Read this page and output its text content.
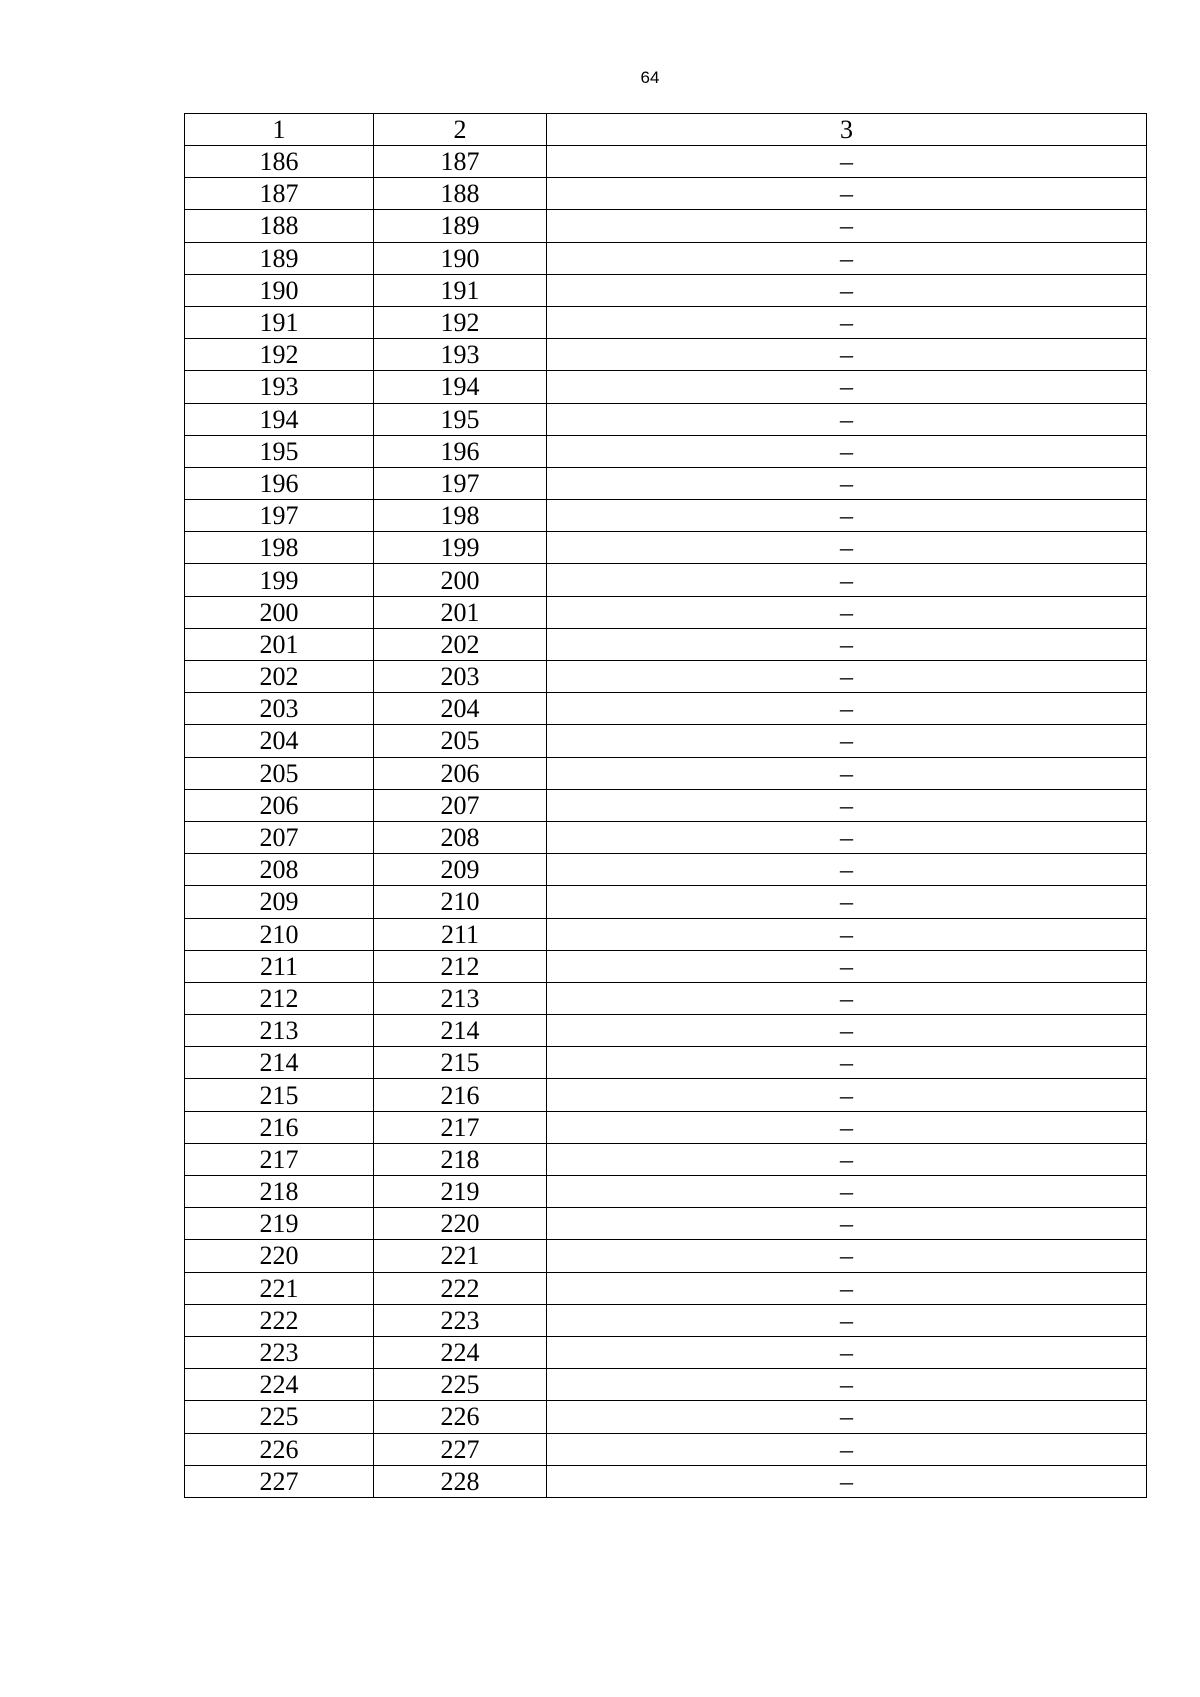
64
1	2	3
186	187	–
187	188	–
188	189	–
189	190	–
190	191	–
191	192	–
192	193	–
193	194	–
194	195	–
195	196	–
196	197	–
197	198	–
198	199	–
199	200	–
200	201	–
201	202	–
202	203	–
203	204	–
204	205	–
205	206	–
206	207	–
207	208	–
208	209	–
209	210	–
210	211	–
211	212	–
212	213	–
213	214	–
214	215	–
215	216	–
216	217	–
217	218	–
218	219	–
219	220	–
220	221	–
221	222	–
222	223	–
223	224	–
224	225	–
225	226	–
226	227	–
227	228	–
